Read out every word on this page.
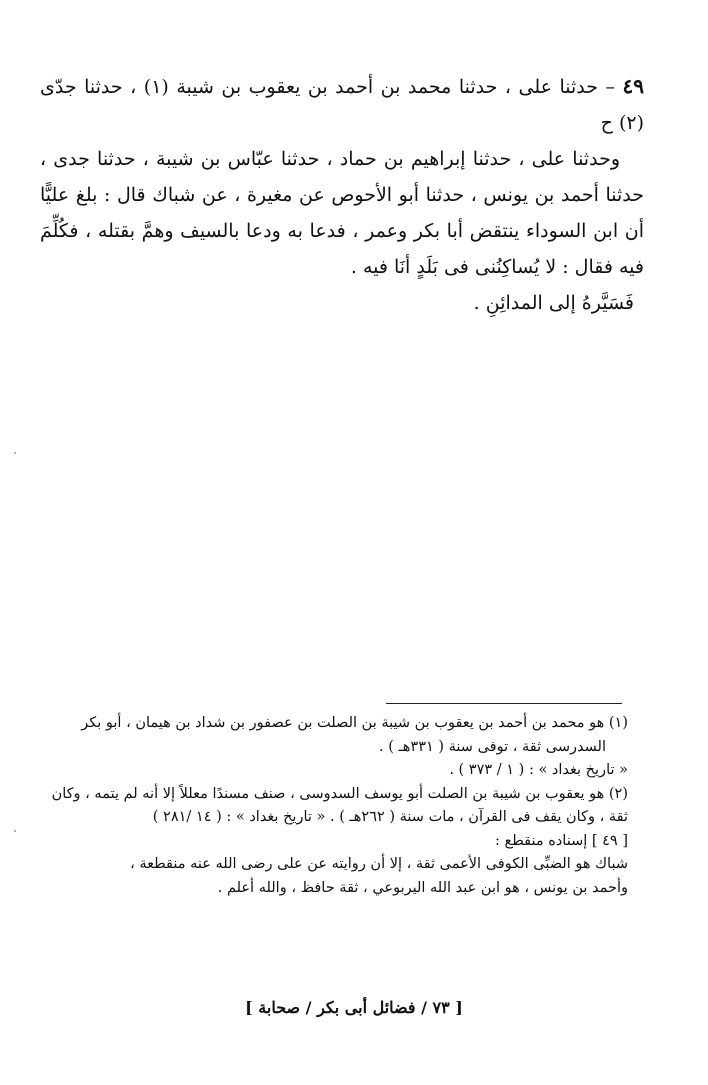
٤٩ – حدثنا على ، حدثنا محمد بن أحمد بن يعقوب بن شيبة (١) ، حدثنا جدّى (٢) ح

وحدثنا على ، حدثنا إبراهيم بن حماد ، حدثنا عبّاس بن شيبة ، حدثنا جدى ، حدثنا أحمد بن يونس ، حدثنا أبو الأحوص عن مغيرة ، عن شباك قال : بلغ عليًّا أن ابن السوداء ينتقض أبا بكر وعمر ، فدعا به ودعا بالسيف وهمَّ بقتله ، فكُلِّمَ فيه فقال : لا يُساكِنُنى فى بَلَدٍ أنَا فيه .

فَسَيَّرهُ إلى المدائِنِ .

(١) هو محمد بن أحمد بن يعقوب بن شيبة بن الصلت بن عصفور بن شداد بن هيمان ، أبو بكر

السدرسى ثقة ، توفى سنة ( ٣٣١هـ ) .

« تاريخ بغداد » : ( ١ / ٣٧٣ ) .

(٢) هو يعقوب بن شيبة بن الصلت أبو يوسف السدوسى ، صنف مسندًا معللاً إلا أنه لم يتمه ، وكان

ثقة ، وكان يقف فى القرآن ، مات سنة ( ٢٦٢هـ ) . « تاريخ بغداد » : ( ١٤ /٢٨١ )

[ ٤٩ ] إسناده منقطع :

شباك هو الضبِّى الكوفى الأعمى ثقة ، إلا أن روايته عن على رضى الله عنه منقطعة ،

وأحمد بن يونس ، هو ابن عبد الله اليربوعي ، ثقة حافظ ، والله أعلم .

[ ٧٣ / فضائل أبى بكر / صحابة ]
